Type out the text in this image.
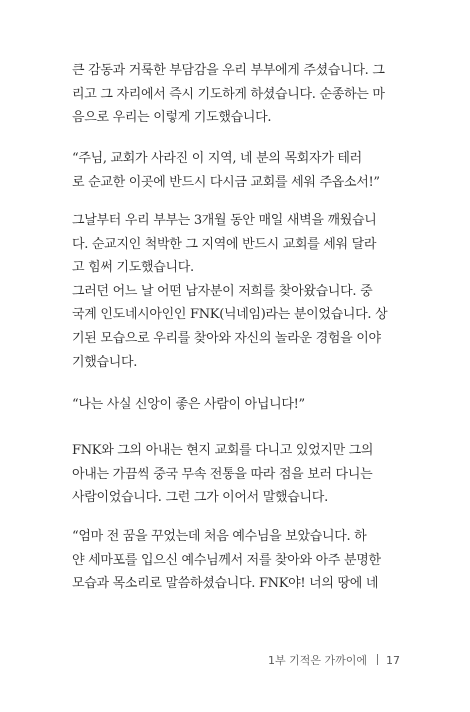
큰 감동과 거룩한 부담감을 우리 부부에게 주셨습니다. 그
리고 그 자리에서 즉시 기도하게 하셨습니다. 순종하는 마
음으로 우리는 이렇게 기도했습니다.
“주님, 교회가 사라진 이 지역, 네 분의 목회자가 테러
로 순교한 이곳에 반드시 다시금 교회를 세워 주옵소서!”
그날부터 우리 부부는 3개월 동안 매일 새벽을 깨웠습니
다. 순교지인 척박한 그 지역에 반드시 교회를 세워 달라
고 힘써 기도했습니다.
그러던 어느 날 어떤 남자분이 저희를 찾아왔습니다. 중
국계 인도네시아인인 FNK(닉네임)라는 분이었습니다. 상
기된 모습으로 우리를 찾아와 자신의 놀라운 경험을 이야
기했습니다.
“나는 사실 신앙이 좋은 사람이 아닙니다!”
FNK와 그의 아내는 현지 교회를 다니고 있었지만 그의
아내는 가끔씩 중국 무속 전통을 따라 점을 보러 다니는
사람이었습니다. 그런 그가 이어서 말했습니다.
“엄마 전 꿈을 꾸었는데 처음 예수님을 보았습니다. 하
얀 세마포를 입으신 예수님께서 저를 찾아와 아주 분명한
모습과 목소리로 말씀하셨습니다. FNK야! 너의 땅에 네
1부 기적은 가까이에 17
